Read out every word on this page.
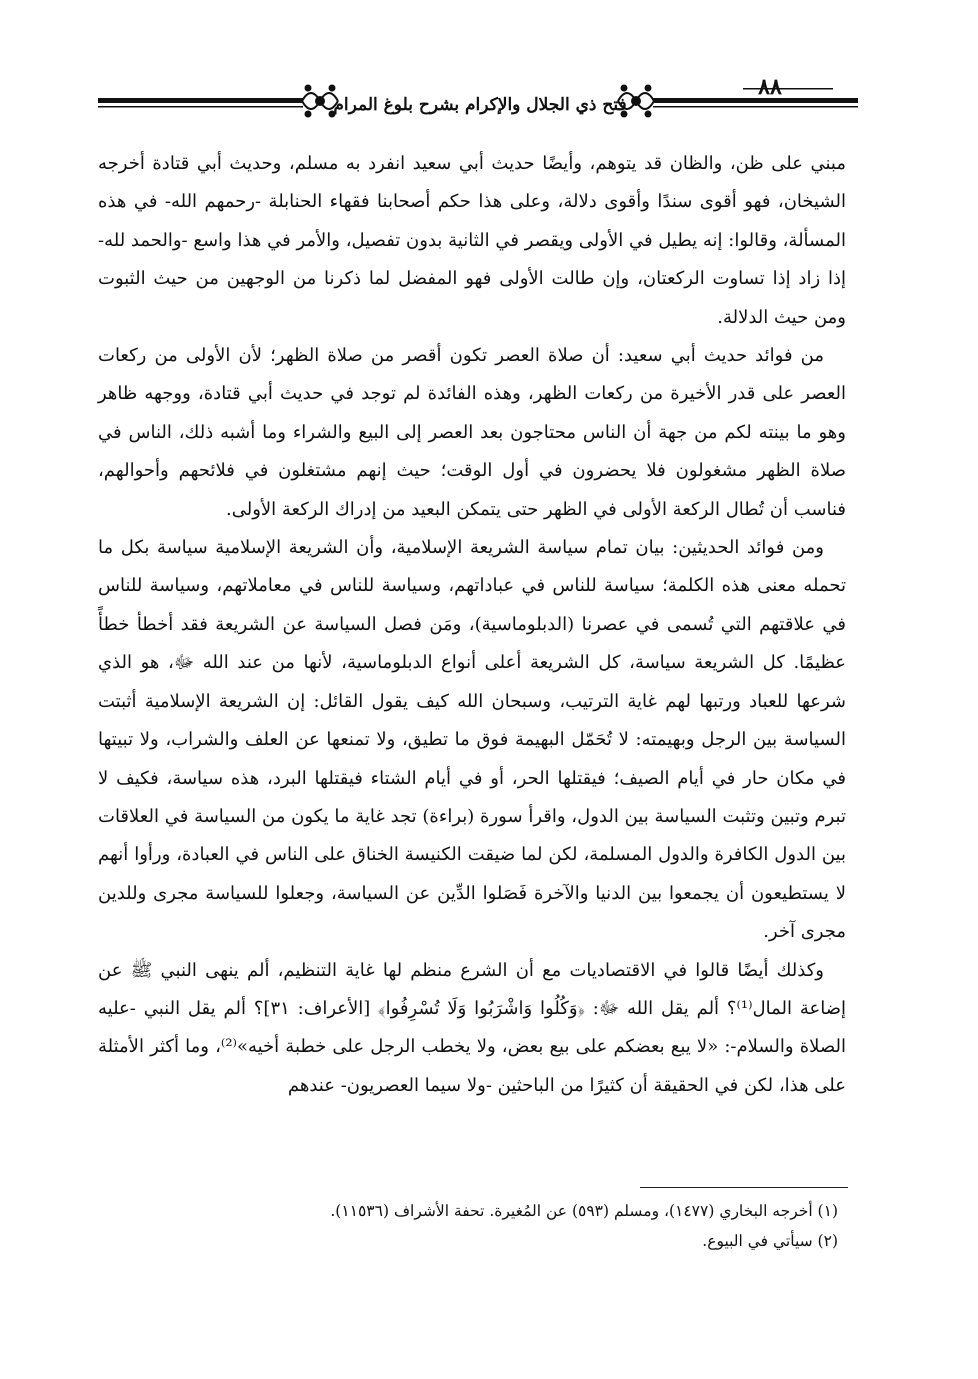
٨٨
فتح ذي الجلال والإكرام بشرح بلوغ المرام

مبني على ظن، والظان قد يتوهم، وأيضًا حديث أبي سعيد انفرد به مسلم، وحديث أبي قتادة أخرجه الشيخان، فهو أقوى سندًا وأقوى دلالة، وعلى هذا حكم أصحابنا فقهاء الحنابلة -رحمهم الله- في هذه المسألة، وقالوا: إنه يطيل في الأولى ويقصر في الثانية بدون تفصيل، والأمر في هذا واسع -والحمد لله- إذا زاد إذا تساوت الركعتان، وإن طالت الأولى فهو المفضل لما ذكرنا من الوجهين من حيث الثبوت ومن حيث الدلالة.

من فوائد حديث أبي سعيد: أن صلاة العصر تكون أقصر من صلاة الظهر؛ لأن الأولى من ركعات العصر على قدر الأخيرة من ركعات الظهر، وهذه الفائدة لم توجد في حديث أبي قتادة، ووجهه ظاهر وهو ما بينته لكم من جهة أن الناس محتاجون بعد العصر إلى البيع والشراء وما أشبه ذلك، الناس في صلاة الظهر مشغولون فلا يحضرون في أول الوقت؛ حيث إنهم مشتغلون في فلائحهم وأحوالهم، فناسب أن تُطال الركعة الأولى في الظهر حتى يتمكن البعيد من إدراك الركعة الأولى.

ومن فوائد الحديثين: بيان تمام سياسة الشريعة الإسلامية، وأن الشريعة الإسلامية سياسة بكل ما تحمله معنى هذه الكلمة؛ سياسة للناس في عباداتهم، وسياسة للناس في معاملاتهم، وسياسة للناس في علاقتهم التي تُسمى في عصرنا (الدبلوماسية)، ومَن فصل السياسة عن الشريعة فقد أخطأ خطأً عظيمًا. كل الشريعة سياسة، كل الشريعة أعلى أنواع الدبلوماسية، لأنها من عند الله ﷻ، هو الذي شرعها للعباد ورتبها لهم غاية الترتيب، وسبحان الله كيف يقول القائل: إن الشريعة الإسلامية أثبتت السياسة بين الرجل وبهيمته: لا تُحَمّل البهيمة فوق ما تطيق، ولا تمنعها عن العلف والشراب، ولا تبيتها في مكان حار في أيام الصيف؛ فيقتلها الحر، أو في أيام الشتاء فيقتلها البرد، هذه سياسة، فكيف لا تبرم وتبين وتثبت السياسة بين الدول، واقرأ سورة (براءة) تجد غاية ما يكون من السياسة في العلاقات بين الدول الكافرة والدول المسلمة، لكن لما ضيقت الكنيسة الخناق على الناس في العبادة، ورأوا أنهم لا يستطيعون أن يجمعوا بين الدنيا والآخرة فَصَلوا الدِّين عن السياسة، وجعلوا للسياسة مجرى وللدين مجرى آخر.

وكذلك أيضًا قالوا في الاقتصاديات مع أن الشرع منظم لها غاية التنظيم، ألم ينهى النبي ﷺ عن إضاعة المال⁽¹⁾؟ ألم يقل الله ﷻ: ﴿وَكُلُوا وَاشْرَبُوا وَلَا تُسْرِفُوا﴾ [الأعراف: ٣١]؟ ألم يقل النبي -عليه الصلاة والسلام-: «لا يبع بعضكم على بيع بعض، ولا يخطب الرجل على خطبة أخيه»⁽²⁾، وما أكثر الأمثلة على هذا، لكن في الحقيقة أن كثيرًا من الباحثين -ولا سيما العصريون- عندهم

(١) أخرجه البخاري (١٤٧٧)، ومسلم (٥٩٣) عن المُغيرة. تحفة الأشراف (١١٥٣٦).
(٢) سيأتي في البيوع.
